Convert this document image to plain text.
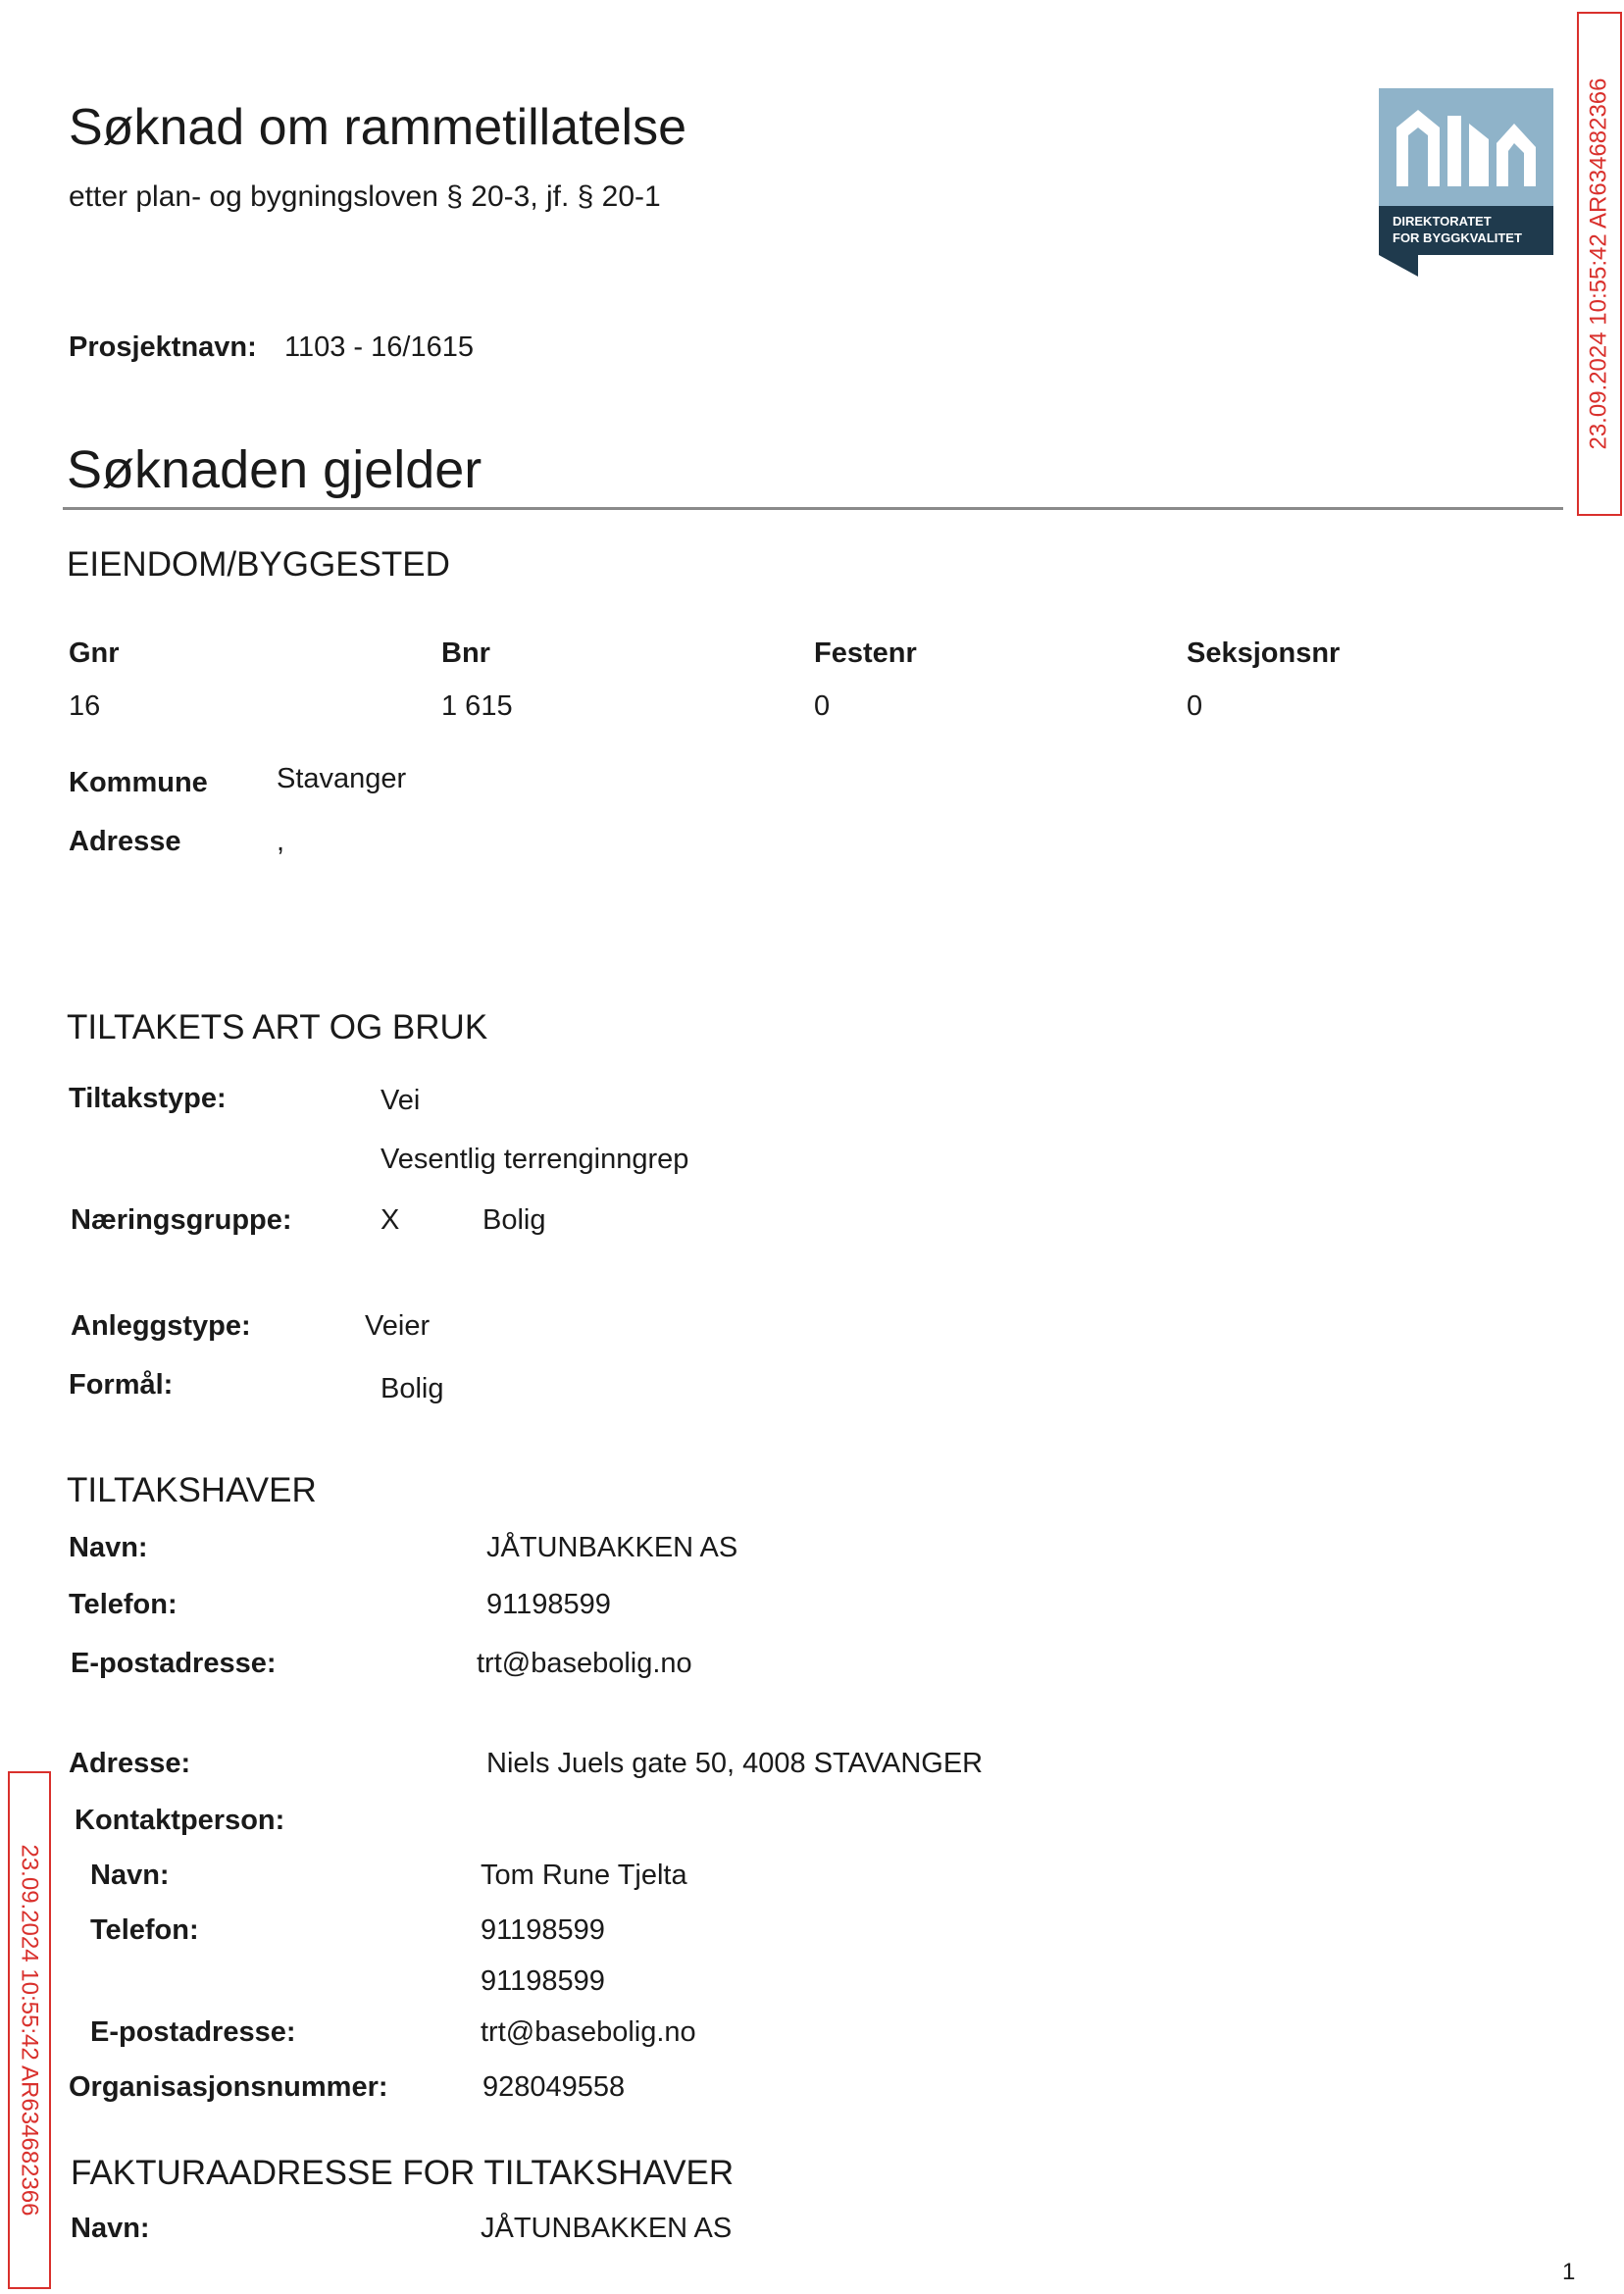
Søknad om rammetillatelse
etter plan- og bygningsloven § 20-3, jf. § 20-1
DIREKTORATET
FOR BYGGKVALITET	23.09.2024 10:55:42 AR634682366
23.09.2024 10:55:42 AR634682366
Prosjektnavn: 1103 - 16/1615
Søknaden gjelder
EIENDOM/BYGGESTED
Gnr
16
Bnr
1 615
Festenr
0
Seksjonsnr
0
Kommune Stavanger
Adresse	,
TILTAKETS ART OG BRUK
Tiltakstype:	Vei
Vesentlig terrenginngrep
Næringsgruppe:	X	Bolig
Anleggstype:	Veier
Formål:	Bolig
TILTAKSHAVER
Navn:	JÅTUNBAKKEN AS
Telefon:	91198599
E-postadresse:	trt@basebolig.no
Adresse:	Niels Juels gate 50, 4008 STAVANGER
Kontaktperson:
Navn:	Tom Rune Tjelta
Telefon:	91198599
91198599
E-postadresse:	trt@basebolig.no
Organisasjonsnummer:	928049558
FAKTURAADRESSE FOR TILTAKSHAVER
Navn:	JÅTUNBAKKEN AS
1
